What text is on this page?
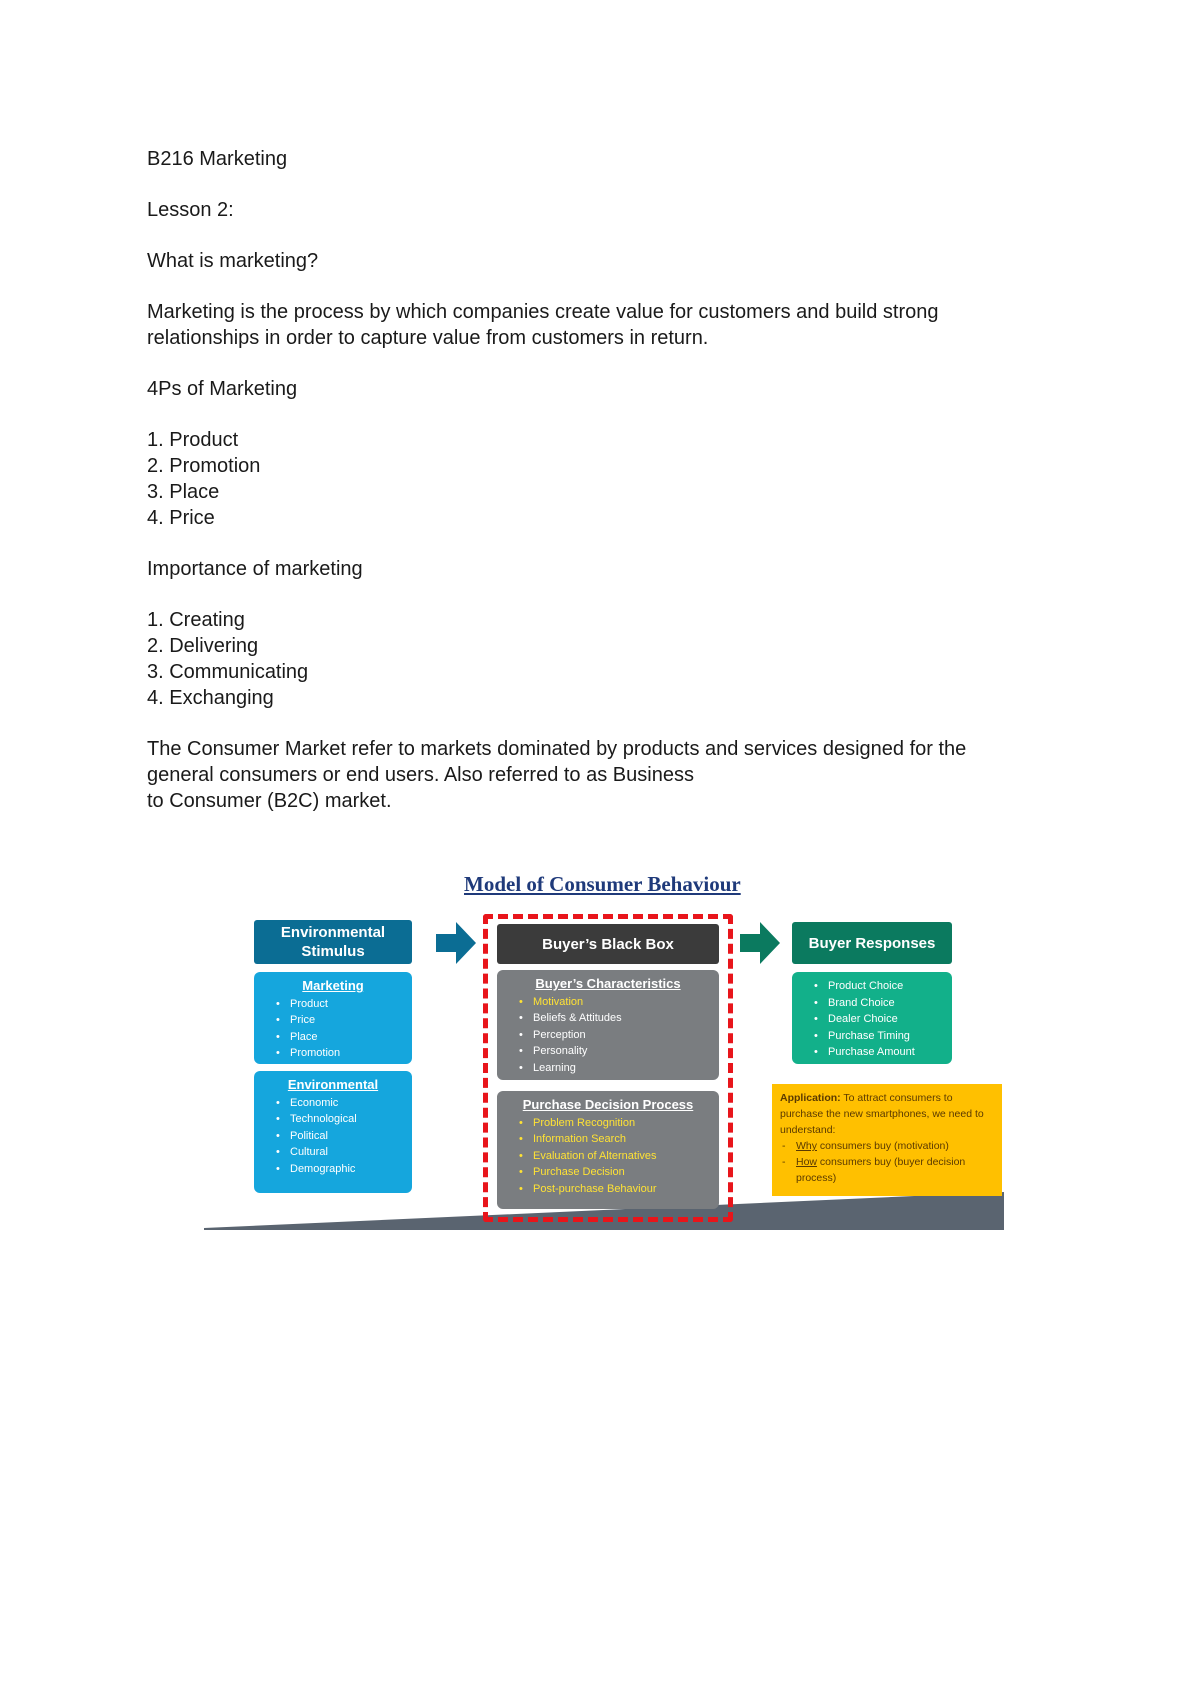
B216 Marketing

Lesson 2:

What is marketing?

Marketing is the process by which companies create value for customers and build strong

relationships in order to capture value from customers in return.

4Ps of Marketing

1. Product
2. Promotion
3. Place
4. Price

Importance of marketing

1. Creating
2. Delivering
3. Communicating
4. Exchanging

The Consumer Market refer to markets dominated by products and services designed for the

general consumers or end users. Also referred to as Business

to Consumer (B2C) market.

Model of Consumer Behaviour
Environmental Stimulus
Marketing
• Product
• Price
• Place
• Promotion
Environmental
• Economic
• Technological
• Political
• Cultural
• Demographic
Buyer’s Black Box
Buyer’s Characteristics
• Motivation
• Beliefs & Attitudes
• Perception
• Personality
• Learning
Purchase Decision Process
• Problem Recognition
• Information Search
• Evaluation of Alternatives
• Purchase Decision
• Post-purchase Behaviour
Buyer Responses
• Product Choice
• Brand Choice
• Dealer Choice
• Purchase Timing
• Purchase Amount
Application: To attract consumers to purchase the new smartphones, we need to understand:
- Why consumers buy (motivation)
- How consumers buy (buyer decision process)
